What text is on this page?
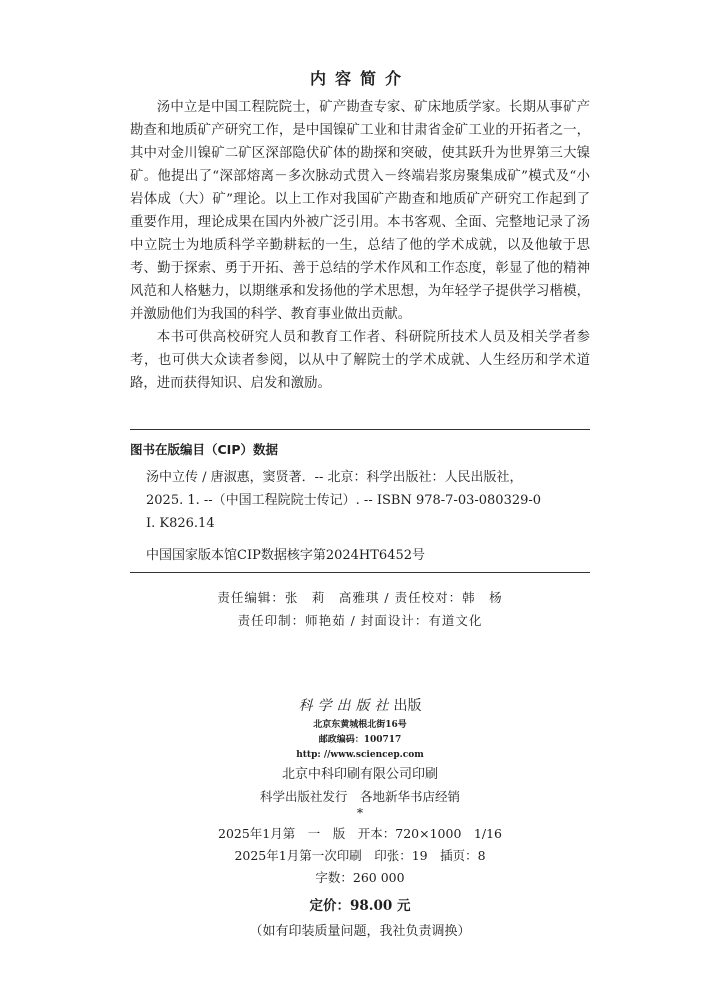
内容简介

汤中立是中国工程院院士，矿产勘查专家、矿床地质学家。长期从事矿产勘查和地质矿产研究工作，是中国镍矿工业和甘肃省金矿工业的开拓者之一，其中对金川镍矿二矿区深部隐伏矿体的勘探和突破，使其跃升为世界第三大镍矿。他提出了“深部熔离－多次脉动式贯入－终端岩浆房聚集成矿”模式及“小岩体成（大）矿”理论。以上工作对我国矿产勘查和地质矿产研究工作起到了重要作用，理论成果在国内外被广泛引用。本书客观、全面、完整地记录了汤中立院士为地质科学辛勤耕耘的一生，总结了他的学术成就，以及他敏于思考、勤于探索、勇于开拓、善于总结的学术作风和工作态度，彰显了他的精神风范和人格魅力，以期继承和发扬他的学术思想，为年轻学子提供学习楷模，并激励他们为我国的科学、教育事业做出贡献。

本书可供高校研究人员和教育工作者、科研院所技术人员及相关学者参考，也可供大众读者参阅，以从中了解院士的学术成就、人生经历和学术道路，进而获得知识、启发和激励。

图书在版编目（CIP）数据
汤中立传 / 唐淑惠，窦贤著．-- 北京：科学出版社：人民出版社，
2025. 1. --（中国工程院院士传记）. -- ISBN 978-7-03-080329-0
Ⅰ. K826.14
中国国家版本馆CIP数据核字第2024HT6452号
责任编辑：张　莉　高雅琪 / 责任校对：韩　杨
责任印制：师艳茹 / 封面设计：有道文化
科学出版社出版
北京东黄城根北街16号
邮政编码：100717
http: //www.sciencep.com
北京中科印刷有限公司印刷
科学出版社发行　各地新华书店经销
*
2025年1月第　一　版　开本：720×1000　1/16
2025年1月第一次印刷　印张：19　插页：8
字数：260 000
定价：98.00 元
（如有印装质量问题，我社负责调换）
